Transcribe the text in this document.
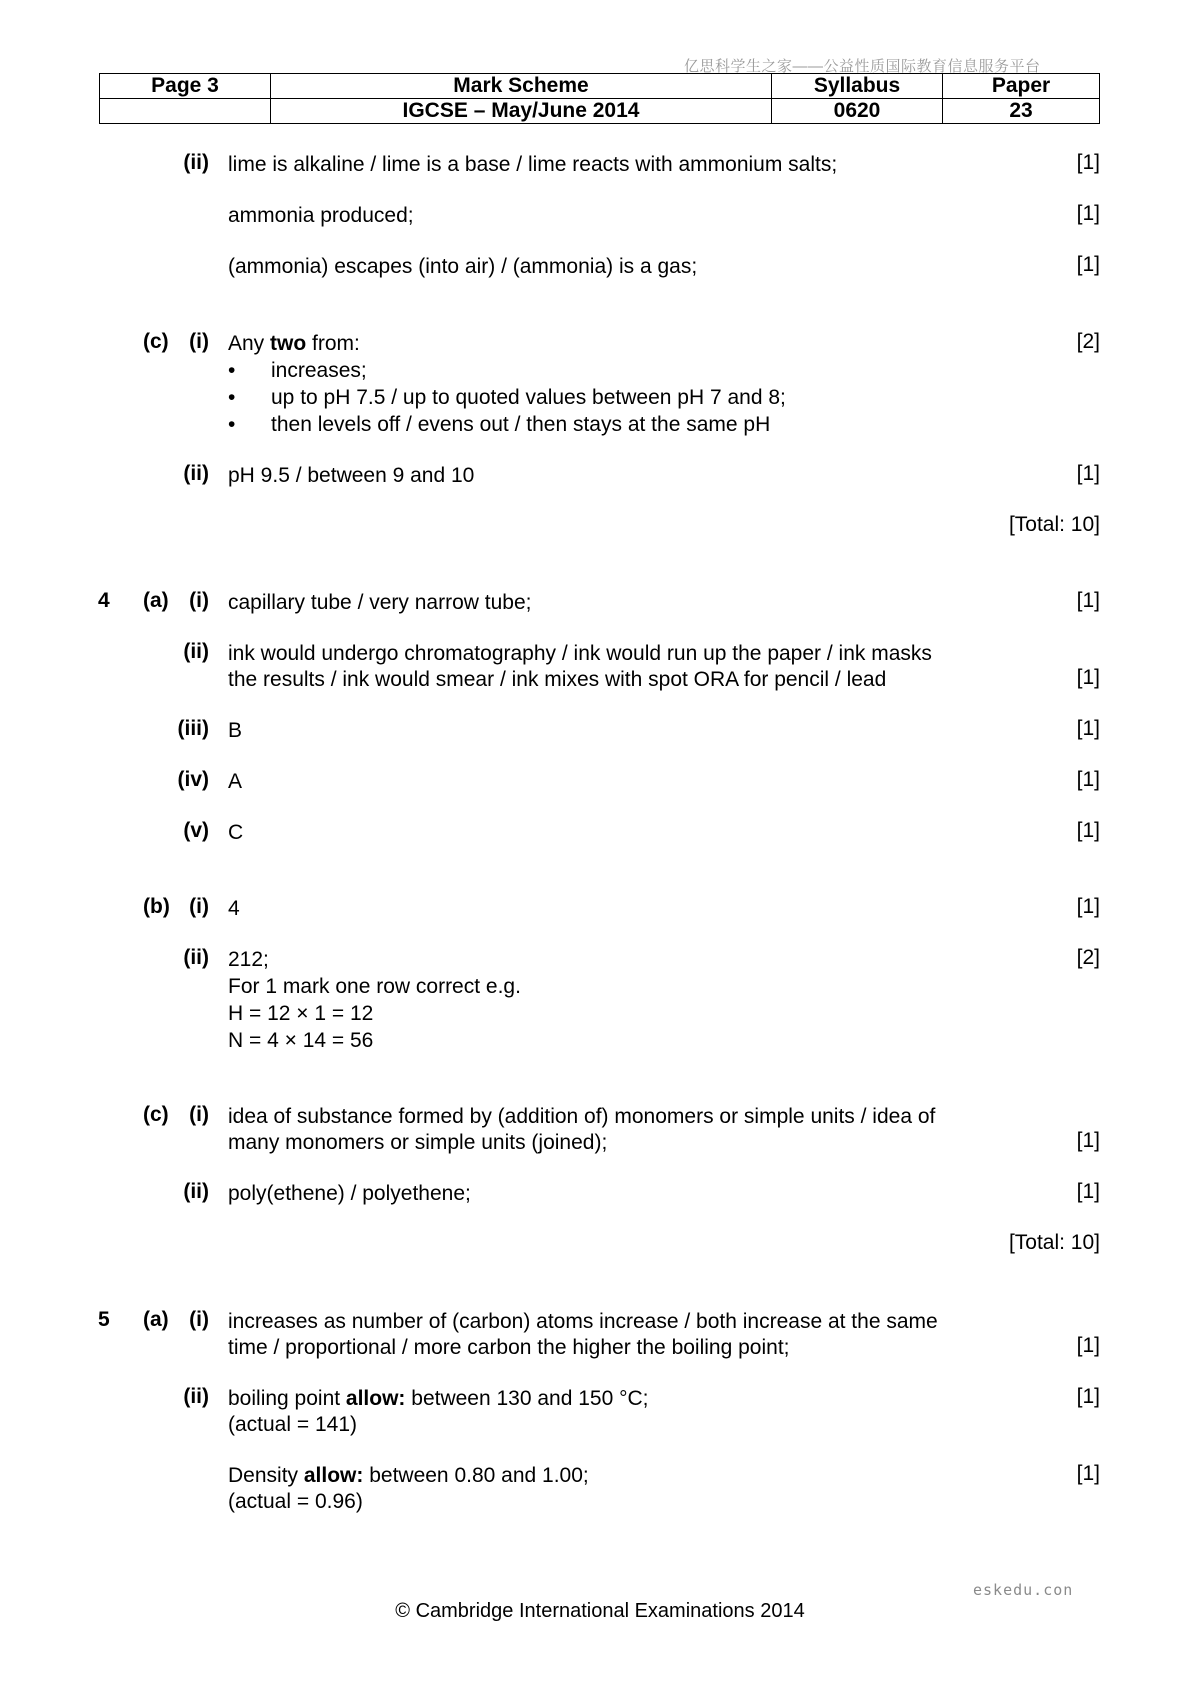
亿思科学生之家——公益性质国际教育信息服务平台
Page 3	Mark Scheme	Syllabus	Paper
	IGCSE – May/June 2014	0620	23
(ii) lime is alkaline / lime is a base / lime reacts with ammonium salts;	[1]
ammonia produced;	[1]
(ammonia) escapes (into air) / (ammonia) is a gas;	[1]
(c) (i) Any two from:	[2]
• increases;
• up to pH 7.5 / up to quoted values between pH 7 and 8;
• then levels off / evens out / then stays at the same pH
(ii) pH 9.5 / between 9 and 10	[1]
[Total: 10]
4 (a) (i) capillary tube / very narrow tube;	[1]
(ii) ink would undergo chromatography / ink would run up the paper / ink masks
the results / ink would smear / ink mixes with spot ORA for pencil / lead	[1]
(iii) B	[1]
(iv) A	[1]
(v) C	[1]
(b) (i) 4	[1]
(ii) 212;
For 1 mark one row correct e.g.
H = 12 × 1 = 12
N = 4 × 14 = 56
[2]
(c) (i) idea of substance formed by (addition of) monomers or simple units / idea of
many monomers or simple units (joined);	[1]
(ii) poly(ethene) / polyethene;	[1]
[Total: 10]
5 (a) (i) increases as number of (carbon) atoms increase / both increase at the same
time / proportional / more carbon the higher the boiling point;	[1]
(ii) boiling point allow: between 130 and 150 °C;
(actual = 141)
[1]
Density allow: between 0.80 and 1.00;
(actual = 0.96)
[1]
eskedu.con
© Cambridge International Examinations 2014
